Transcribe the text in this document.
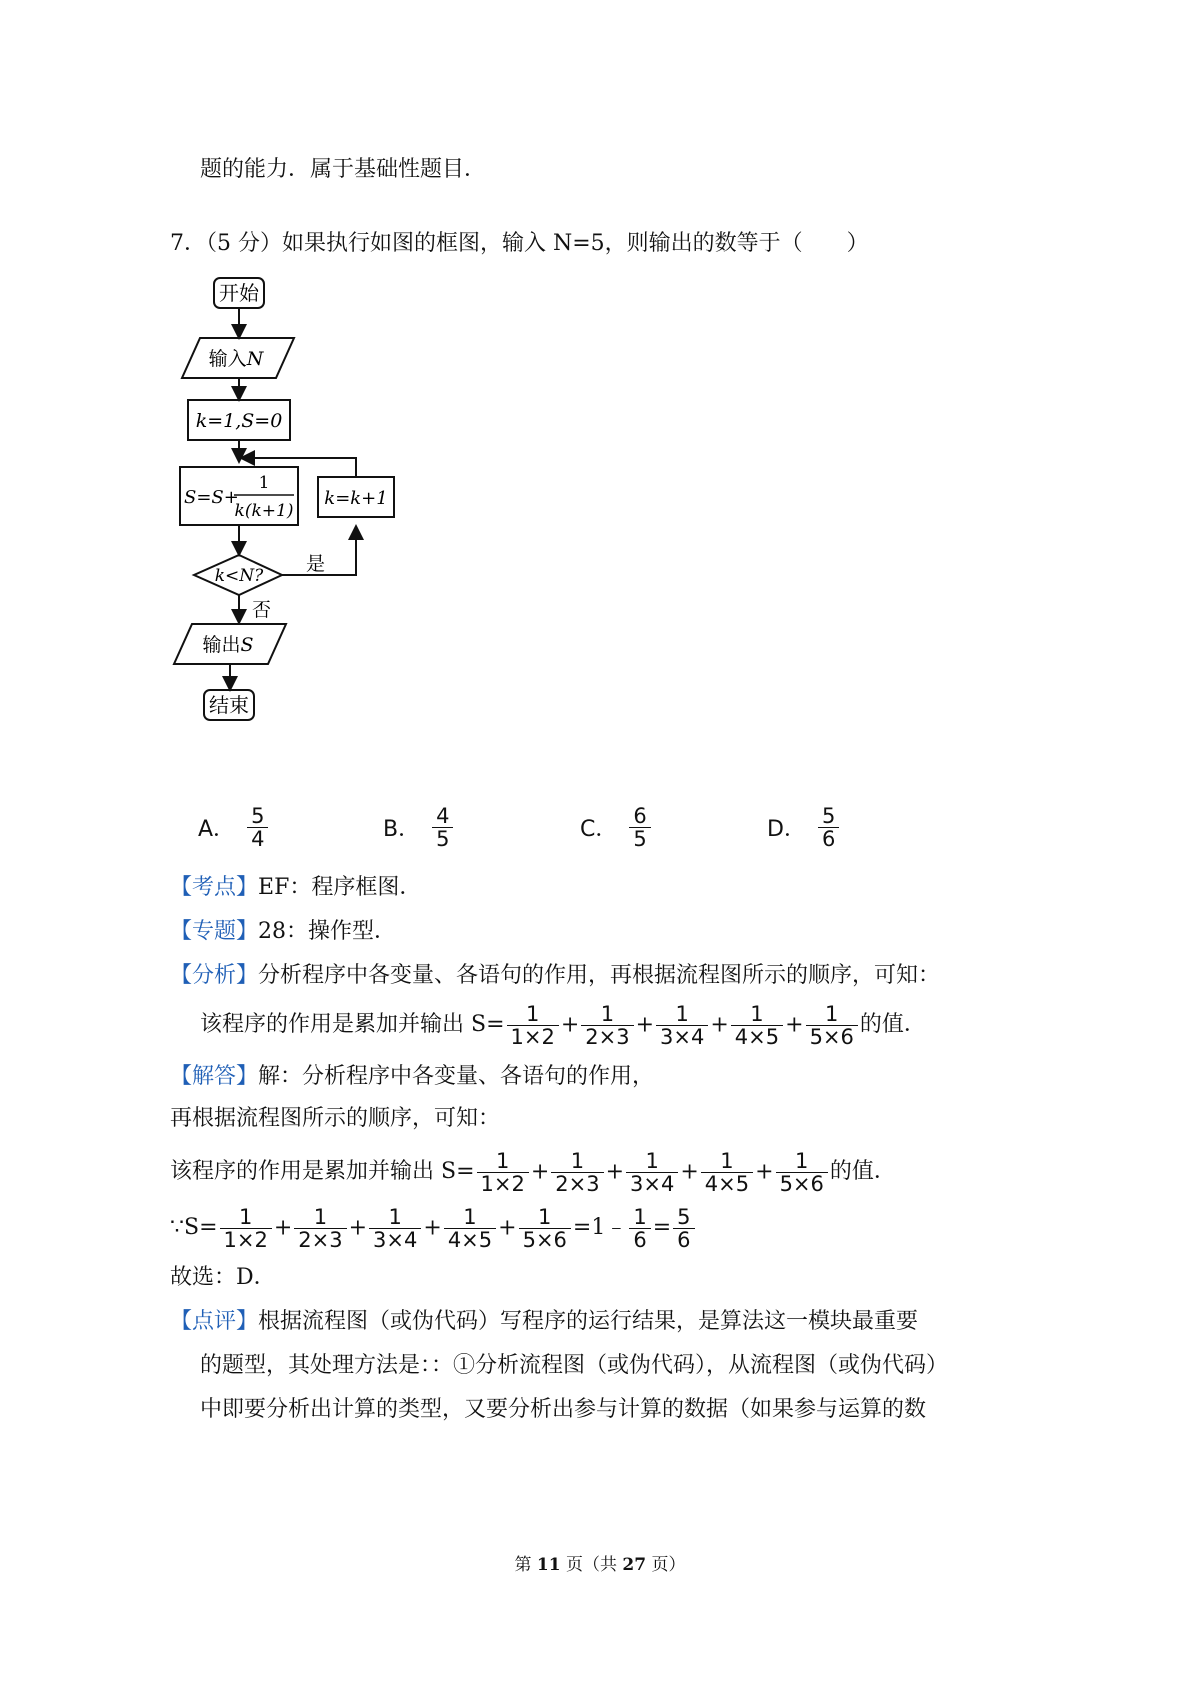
题的能力．属于基础性题目．
7．（5 分）如果执行如图的框图，输入 N=5，则输出的数等于（　　）
开始
输入N
k=1,S=0
S=S+
1
k(k+1)
k<N?
是
k=k+1
否
输出S
结束
A． $\frac{5}{4}$	B． $\frac{4}{5}$	C． $\frac{6}{5}$	D． $\frac{5}{6}$
【考点】EF：程序框图．
【专题】28：操作型．
【分析】分析程序中各变量、各语句的作用，再根据流程图所示的顺序，可知：
该程序的作用是累加并输出 $S= \frac{1}{1\times 2} + \frac{1}{2\times 3} + \frac{1}{3\times 4} + \frac{1}{4\times 5} + \frac{1}{5\times 6}$ 的值．
【解答】解：分析程序中各变量、各语句的作用，
再根据流程图所示的顺序，可知：
该程序的作用是累加并输出 $S= \frac{1}{1\times 2} + \frac{1}{2\times 3} + \frac{1}{3\times 4} + \frac{1}{4\times 5} + \frac{1}{5\times 6}$ 的值．
∵S= $\frac{1}{1\times 2} + \frac{1}{2\times 3} + \frac{1}{3\times 4} + \frac{1}{4\times 5} + \frac{1}{5\times 6}$ =1﹣ $\frac{1}{6} = \frac{5}{6}$
故选：D．
【点评】根据流程图（或伪代码）写程序的运行结果，是算法这一模块最重要
的题型，其处理方法是：：①分析流程图（或伪代码），从流程图（或伪代码）
中即要分析出计算的类型，又要分析出参与计算的数据（如果参与运算的数
第 11 页（共 27 页）
